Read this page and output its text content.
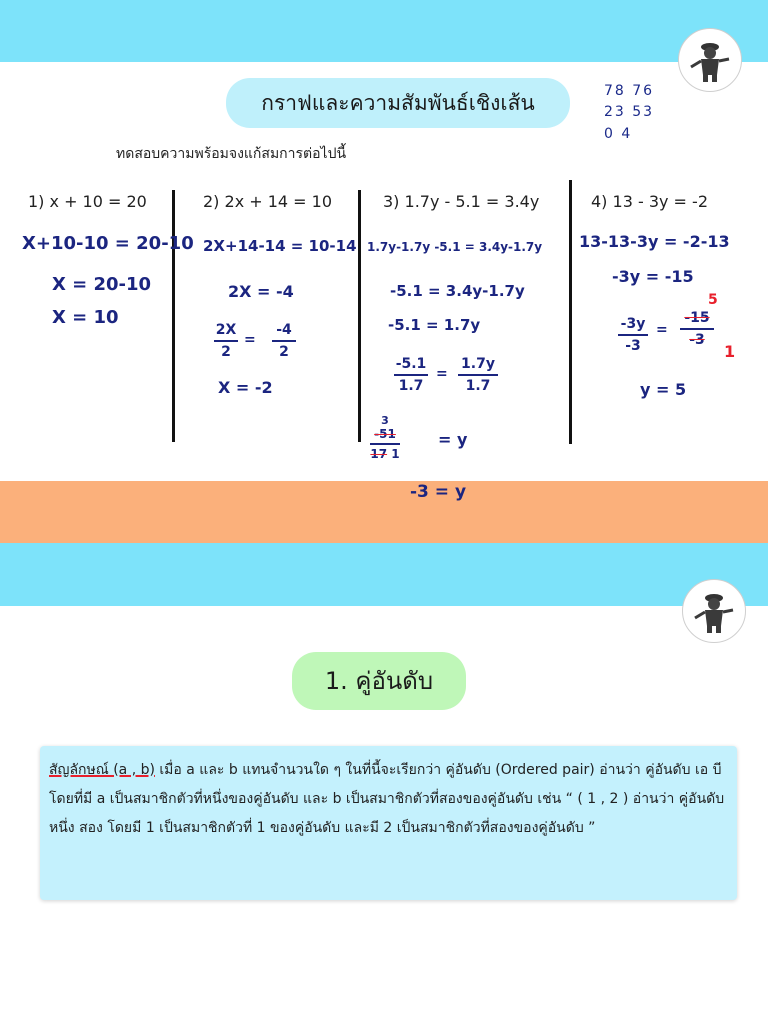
กราฟและความสัมพันธ์เชิงเส้น	78 76
23 53
0 4
ทดสอบความพร้อมจงแก้สมการต่อไปนี้
1) x + 10 = 20	2) 2x + 14 = 10	3) 1.7y - 5.1 = 3.4y	4) 13 - 3y = -2
X+10-10 = 20-10
X = 20-10
X = 10
2X+14-14 = 10-14
2X = -4
2X
2
=
-4
2
X = -2
1.7y-1.7y -5.1 = 3.4y-1.7y
-5.1 = 3.4y-1.7y
-5.1 = 1.7y
-5.1
1.7
=
1.7y
1.7
3
-51
17 1
= y
-3 = y
13-13-3y = -2-13
-3y = -15
-3y
-3
=
-15
-3
5
1
y = 5
1. คู่อันดับ

สัญลักษณ์ (a , b) เมื่อ a และ b แทนจำนวนใด ๆ ในที่นี้จะเรียกว่า คู่อันดับ (Ordered pair) อ่านว่า คู่อันดับ เอ บี โดยที่มี a เป็นสมาชิกตัวที่หนึ่งของคู่อันดับ และ b เป็นสมาชิกตัวที่สองของคู่อันดับ เช่น “ ( 1 , 2 ) อ่านว่า คู่อันดับ หนึ่ง สอง โดยมี 1 เป็นสมาชิกตัวที่ 1 ของคู่อันดับ และมี 2 เป็นสมาชิกตัวที่สองของคู่อันดับ ”
